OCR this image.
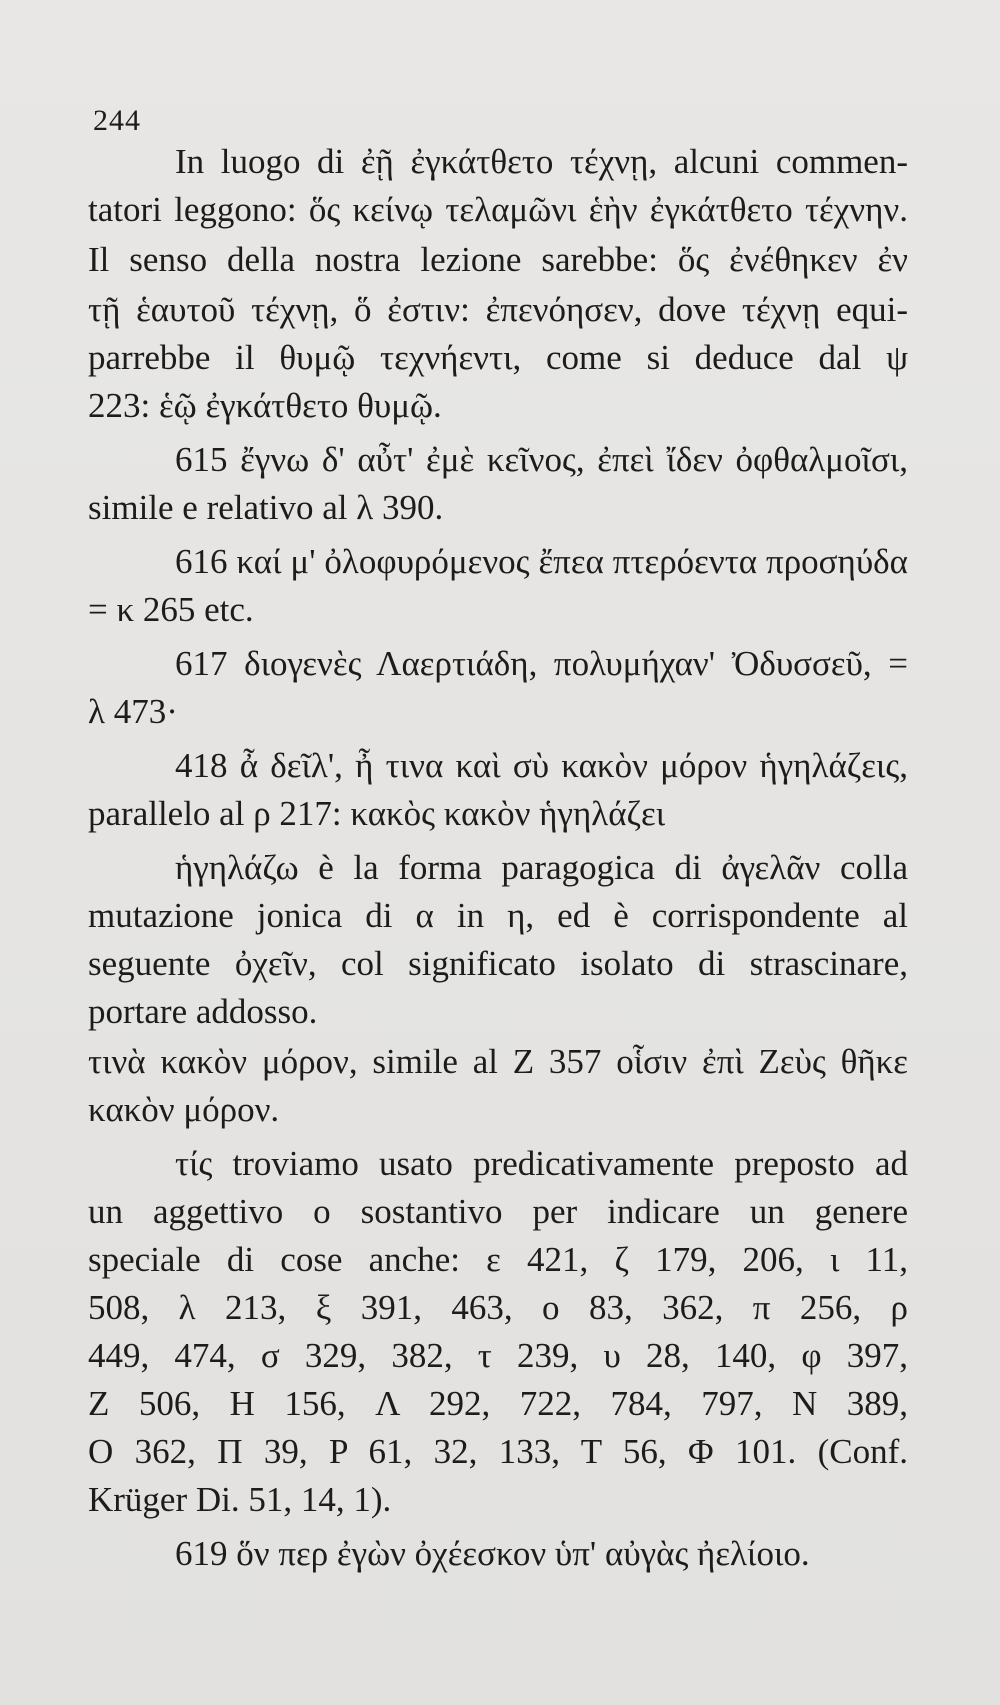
244
In luogo di ἐῇ ἐγκάτθετο τέχνῃ, alcuni commen-
tatori leggono: ὅς κείνῳ τελαμῶνι ἑὴν ἐγκάτθετο τέχνην.
Il senso della nostra lezione sarebbe: ὅς ἐνέθηκεν ἐν
τῇ ἑαυτοῦ τέχνῃ, ὅ ἐστιν: ἐπενόησεν, dove τέχνῃ equi-
parrebbe il θυμῷ τεχνήεντι, come si deduce dal ψ
223: ἑῷ ἐγκάτθετο θυμῷ.
615 ἔγνω δ' αὖτ' ἐμὲ κεῖνος, ἐπεὶ ἴδεν ὀφθαλμοῖσι,
simile e relativo al λ 390.
616 καί μ' ὀλοφυρόμενος ἔπεα πτερόεντα προσηύδα
= κ 265 etc.
617 διογενὲς Λαερτιάδη, πολυμήχαν' Ὀδυσσεῦ, =
λ 473·
418 ἆ δεῖλ', ἦ τινα καὶ σὺ κακὸν μόρον ἡγηλάζεις,
parallelo al ρ 217: κακὸς κακὸν ἡγηλάζει
ἡγηλάζω è la forma paragogica di ἀγελᾶν colla
mutazione jonica di α in η, ed è corrispondente al
seguente ὀχεῖν, col significato isolato di strascinare,
portare addosso.
τινὰ κακὸν μόρον, simile al Z 357 οἷσιν ἐπὶ Ζεὺς θῆκε
κακὸν μόρον.
τίς troviamo usato predicativamente preposto ad
un aggettivo o sostantivo per indicare un genere
speciale di cose anche: ε 421, ζ 179, 206, ι 11,
508, λ 213, ξ 391, 463, ο 83, 362, π 256, ρ
449, 474, σ 329, 382, τ 239, υ 28, 140, φ 397,
Z 506, H 156, Λ 292, 722, 784, 797, N 389,
O 362, Π 39, P 61, 32, 133, T 56, Φ 101. (Conf.
Krüger Di. 51, 14, 1).
619 ὅν περ ἐγὼν ὀχέεσκον ὑπ' αὐγὰς ἠελίοιο.
